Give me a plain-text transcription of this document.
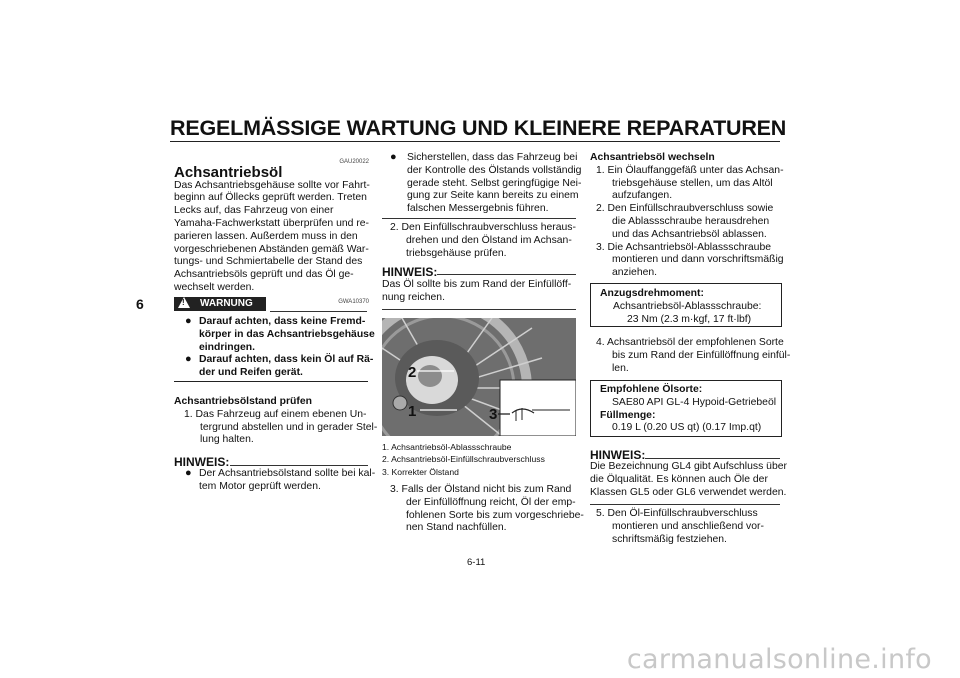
REGELMÄSSIGE WARTUNG UND KLEINERE REPARATUREN
6
GAU20022
Achsantriebsöl
Das Achsantriebsgehäuse sollte vor Fahrt-
beginn auf Öllecks geprüft werden. Treten
Lecks auf, das Fahrzeug von einer
Yamaha-Fachwerkstatt überprüfen und re-
parieren lassen. Außerdem muss in den
vorgeschriebenen Abständen gemäß War-
tungs- und Schmiertabelle der Stand des
Achsantriebsöls geprüft und das Öl ge-
wechselt werden.
GWA10370
! WARNUNG
● Darauf achten, dass keine Fremd-
körper in das Achsantriebsgehäuse
eindringen.
● Darauf achten, dass kein Öl auf Rä-
der und Reifen gerät.
Achsantriebsölstand prüfen
1. Das Fahrzeug auf einem ebenen Un-
tergrund abstellen und in gerader Stel-
lung halten.
HINWEIS:
● Der Achsantriebsölstand sollte bei kal-
tem Motor geprüft werden.
● Sicherstellen, dass das Fahrzeug bei
der Kontrolle des Ölstands vollständig
gerade steht. Selbst geringfügige Nei-
gung zur Seite kann bereits zu einem
falschen Messergebnis führen.
2. Den Einfüllschraubverschluss heraus-
drehen und den Ölstand im Achsan-
triebsgehäuse prüfen.
HINWEIS:
Das Öl sollte bis zum Rand der Einfüllöff-
nung reichen.
2
1	3
1. Achsantriebsöl-Ablassschraube
2. Achsantriebsöl-Einfüllschraubverschluss
3. Korrekter Ölstand
3. Falls der Ölstand nicht bis zum Rand
der Einfüllöffnung reicht, Öl der emp-
fohlenen Sorte bis zum vorgeschriebe-
nen Stand nachfüllen.
Achsantriebsöl wechseln
1. Ein Ölauffanggefäß unter das Achsan-
triebsgehäuse stellen, um das Altöl
aufzufangen.
2. Den Einfüllschraubverschluss sowie
die Ablassschraube herausdrehen
und das Achsantriebsöl ablassen.
3. Die Achsantriebsöl-Ablassschraube
montieren und dann vorschriftsmäßig
anziehen.
Anzugsdrehmoment:
Achsantriebsöl-Ablassschraube:
23 Nm (2.3 m·kgf, 17 ft·lbf)
4. Achsantriebsöl der empfohlenen Sorte
bis zum Rand der Einfüllöffnung einfül-
len.
Empfohlene Ölsorte:
SAE80 API GL-4 Hypoid-Getriebeöl
Füllmenge:
0.19 L (0.20 US qt) (0.17 Imp.qt)
HINWEIS:
Die Bezeichnung GL4 gibt Aufschluss über
die Ölqualität. Es können auch Öle der
Klassen GL5 oder GL6 verwendet werden.
5. Den Öl-Einfüllschraubverschluss
montieren und anschließend vor-
schriftsmäßig festziehen.
6-11
carmanualsonline.info
